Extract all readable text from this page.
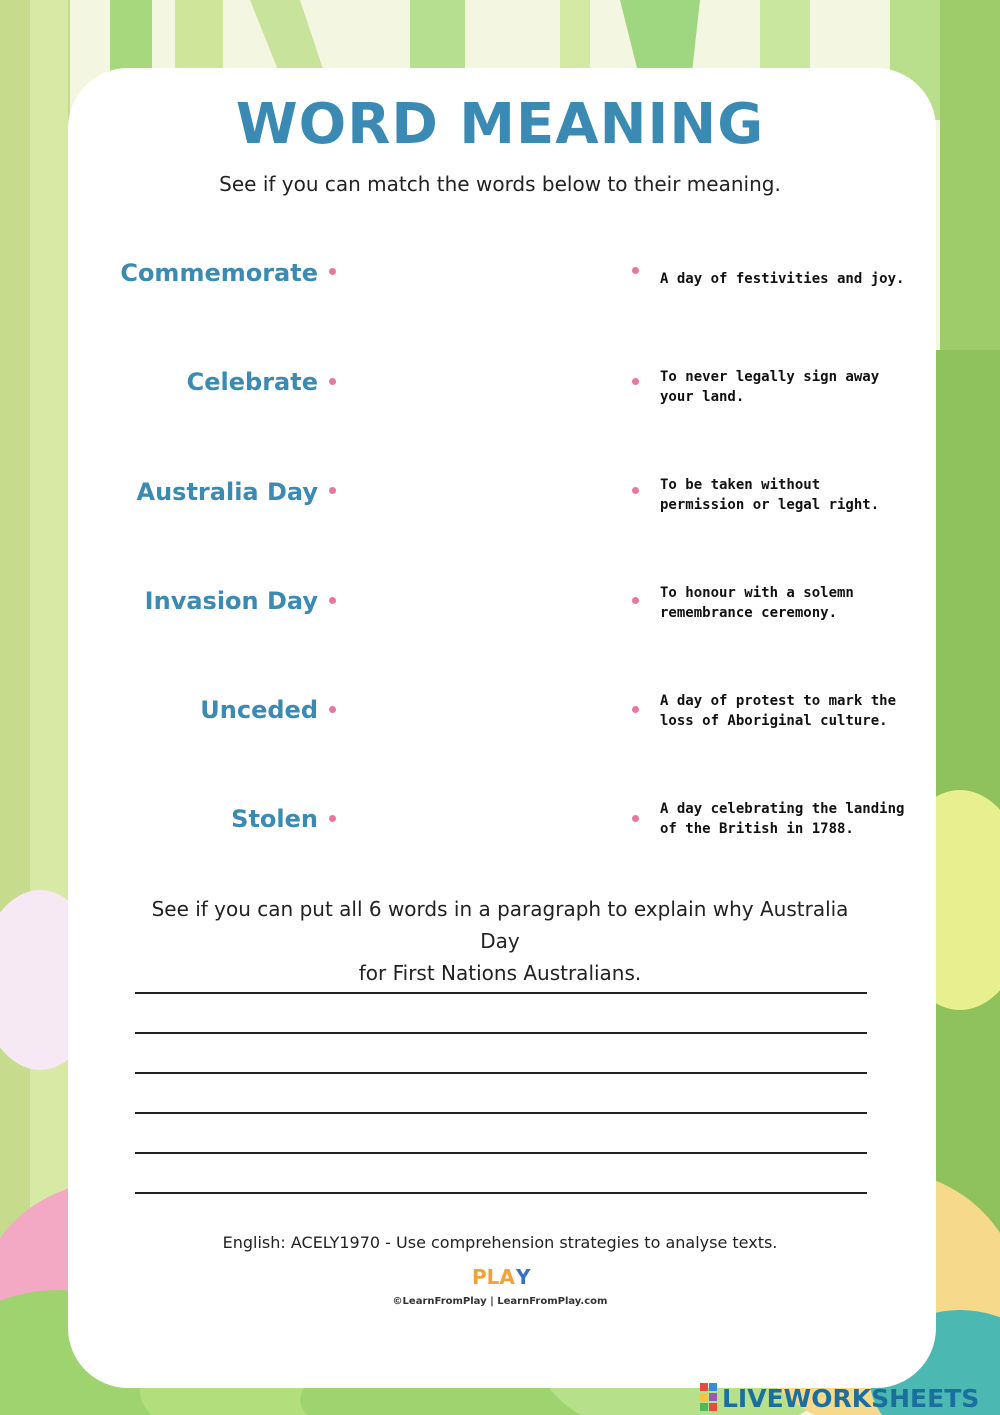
WORD MEANING
See if you can match the words below to their meaning.
Commemorate
Celebrate
Australia Day
Invasion Day
Unceded
Stolen
A day of festivities and joy.
To never legally sign away your land.
To be taken without permission or legal right.
To honour with a solemn remembrance ceremony.
A day of protest to mark the loss of Aboriginal culture.
A day celebrating the landing of the British in 1788.
See if you can put all 6 words in a paragraph to explain why Australia Day
for First Nations Australians.
English: ACELY1970 - Use comprehension strategies to analyse texts.
PLA Y
©LearnFromPlay | LearnFromPlay.com
LIVEWORKSHEETS
